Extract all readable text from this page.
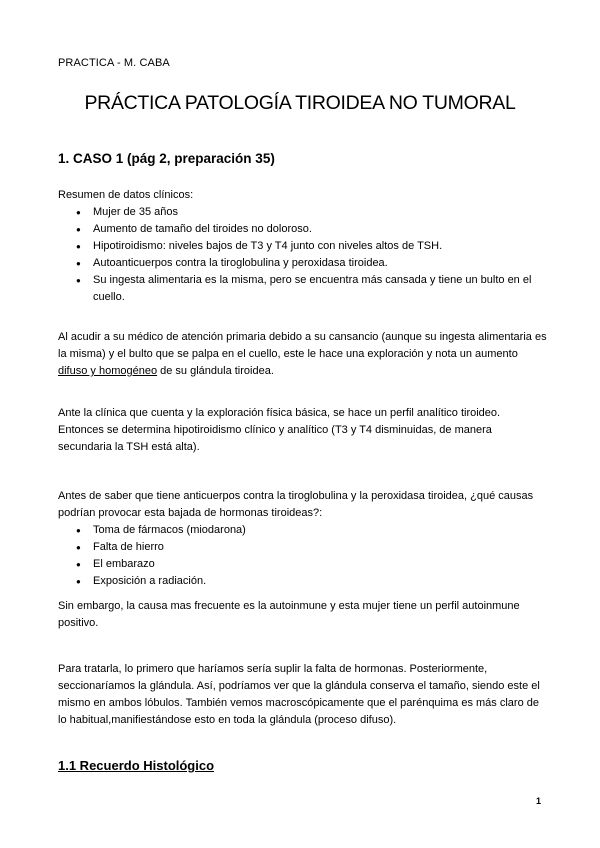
PRACTICA - M. CABA
PRÁCTICA PATOLOGÍA TIROIDEA NO TUMORAL
1. CASO 1 (pág 2, preparación 35)

Resumen de datos clínicos:

● Mujer de 35 años
● Aumento de tamaño del tiroides no doloroso.
● Hipotiroidismo: niveles bajos de T3 y T4 junto con niveles altos de TSH.
● Autoanticuerpos contra la tiroglobulina y peroxidasa tiroidea.
● Su ingesta alimentaria es la misma, pero se encuentra más cansada y tiene un bulto en el cuello.

Al acudir a su médico de atención primaria debido a su cansancio (aunque su ingesta alimentaria es la misma) y el bulto que se palpa en el cuello, este le hace una exploración y nota un aumento difuso y homogéneo de su glándula tiroidea.

Ante la clínica que cuenta y la exploración física básica, se hace un perfil analítico tiroideo. Entonces se determina hipotiroidismo clínico y analítico (T3 y T4 disminuidas, de manera secundaria la TSH está alta).

Antes de saber que tiene anticuerpos contra la tiroglobulina y la peroxidasa tiroidea, ¿qué causas podrían provocar esta bajada de hormonas tiroideas?:

● Toma de fármacos (miodarona)
● Falta de hierro
● El embarazo
● Exposición a radiación.

Sin embargo, la causa mas frecuente es la autoinmune y esta mujer tiene un perfil autoinmune positivo.

Para tratarla, lo primero que haríamos sería suplir la falta de hormonas. Posteriormente, seccionaríamos la glándula. Así, podríamos ver que la glándula conserva el tamaño, siendo este el mismo en ambos lóbulos. También vemos macroscópicamente que el parénquima es más claro de lo habitual,manifiestándose esto en toda la glándula (proceso difuso).

1.1 Recuerdo Histológico
1
